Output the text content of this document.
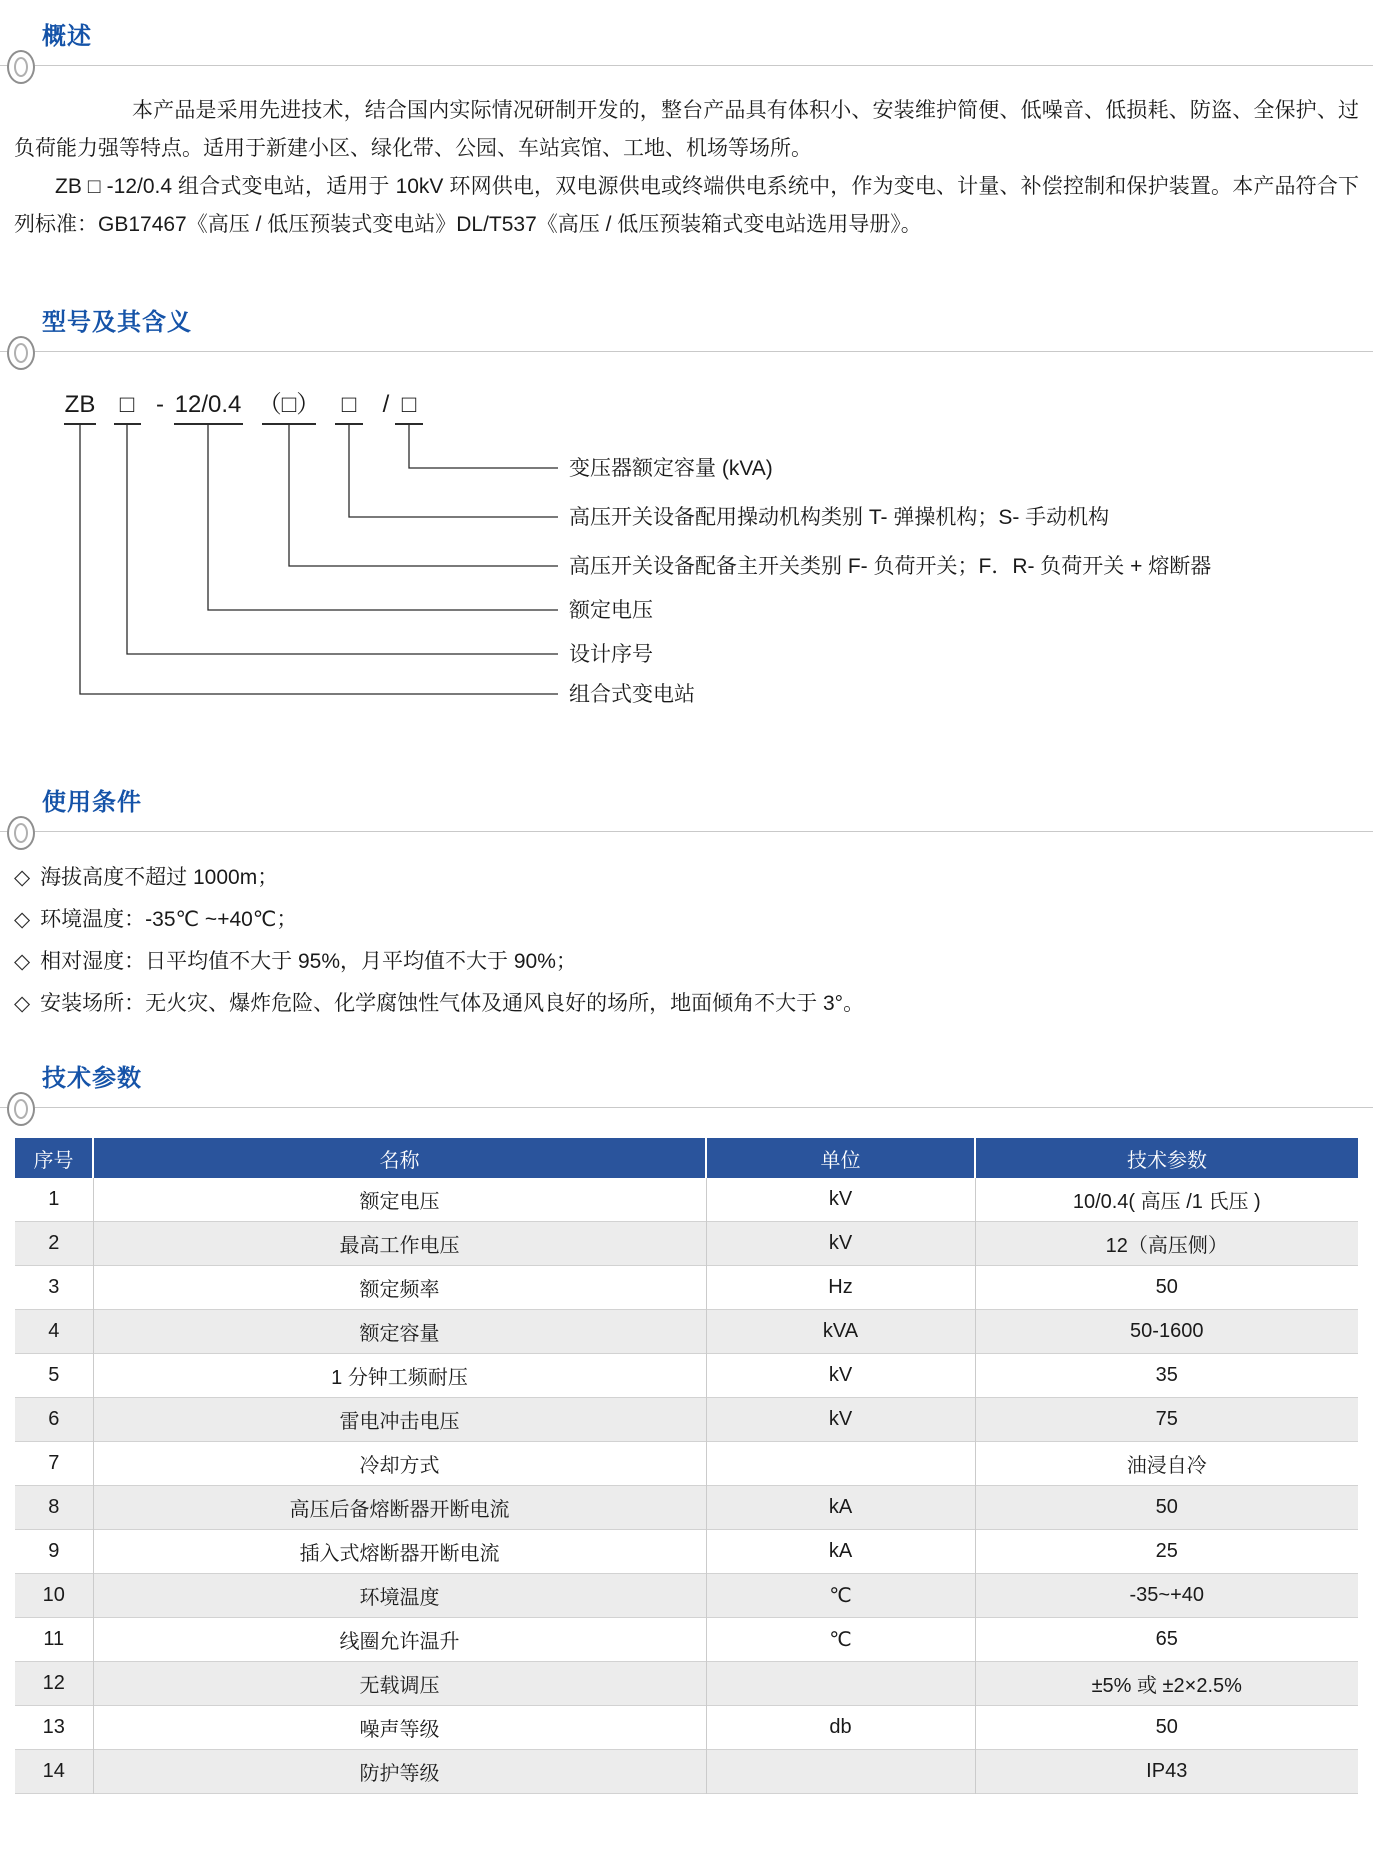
概述

本产品是采用先进技术，结合国内实际情况研制开发的，整台产品具有体积小、安装维护简便、低噪音、低损耗、防盗、全保护、过负荷能力强等特点。适用于新建小区、绿化带、公园、车站宾馆、工地、机场等场所。

ZB □ -12/0.4 组合式变电站，适用于 10kV 环网供电，双电源供电或终端供电系统中，作为变电、计量、补偿控制和保护装置。本产品符合下列标准：GB17467《高压 / 低压预装式变电站》DL/T537《高压 / 低压预装箱式变电站选用导册》。

型号及其含义
ZB □ - 12/0.4 （□） □ / □
变压器额定容量 (kVA)
高压开关设备配用操动机构类别 T- 弹操机构；S- 手动机构
高压开关设备配备主开关类别 F- 负荷开关；F．R- 负荷开关 + 熔断器
额定电压
设计序号
组合式变电站
使用条件
◇ 海拔高度不超过 1000m；
◇ 环境温度：-35℃ ~+40℃；
◇ 相对湿度：日平均值不大于 95%，月平均值不大于 90%；
◇ 安装场所：无火灾、爆炸危险、化学腐蚀性气体及通风良好的场所，地面倾角不大于 3°。
技术参数
序号	名称	单位	技术参数
1	额定电压	kV	10/0.4( 高压 /1 氏压 )
2	最高工作电压	kV	12（高压侧）
3	额定频率	Hz	50
4	额定容量	kVA	50-1600
5	1 分钟工频耐压	kV	35
6	雷电冲击电压	kV	75
7	冷却方式		油浸自冷
8	高压后备熔断器开断电流	kA	50
9	插入式熔断器开断电流	kA	25
10	环境温度	℃	-35~+40
11	线圈允许温升	℃	65
12	无载调压		±5% 或 ±2×2.5%
13	噪声等级	db	50
14	防护等级		IP43
